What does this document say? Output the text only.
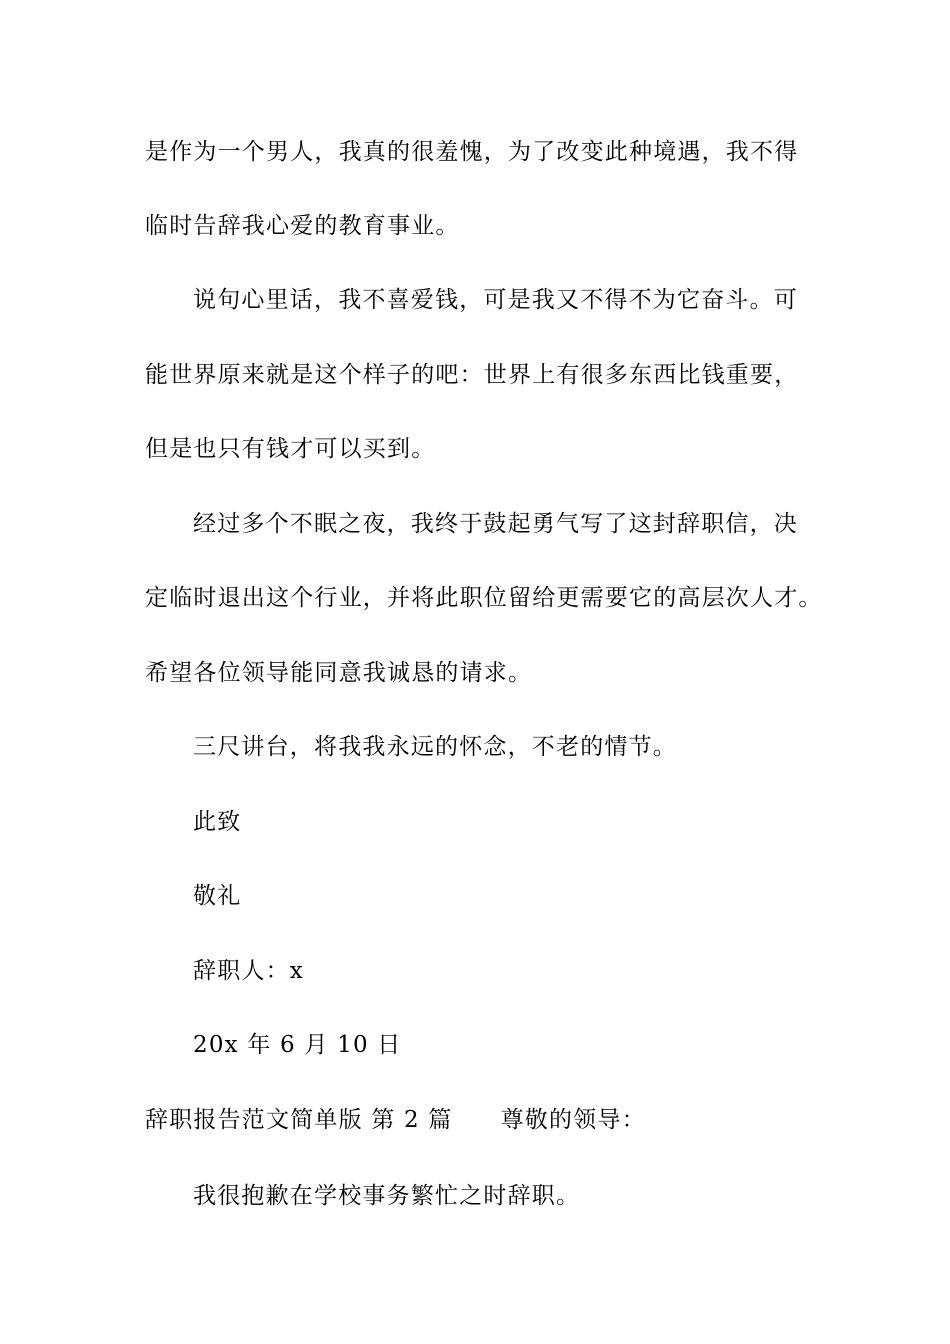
是作为一个男人，我真的很羞愧，为了改变此种境遇，我不得
临时告辞我心爱的教育事业。
说句心里话，我不喜爱钱，可是我又不得不为它奋斗。可
能世界原来就是这个样子的吧：世界上有很多东西比钱重要，
但是也只有钱才可以买到。
经过多个不眠之夜，我终于鼓起勇气写了这封辞职信，决
定临时退出这个行业，并将此职位留给更需要它的高层次人才。
希望各位领导能同意我诚恳的请求。
三尺讲台，将我我永远的怀念，不老的情节。
此致
敬礼
辞职人：x
20x 年 6 月 10 日
辞职报告范文简单版 第 2 篇 尊敬的领导：
我很抱歉在学校事务繁忙之时辞职。
